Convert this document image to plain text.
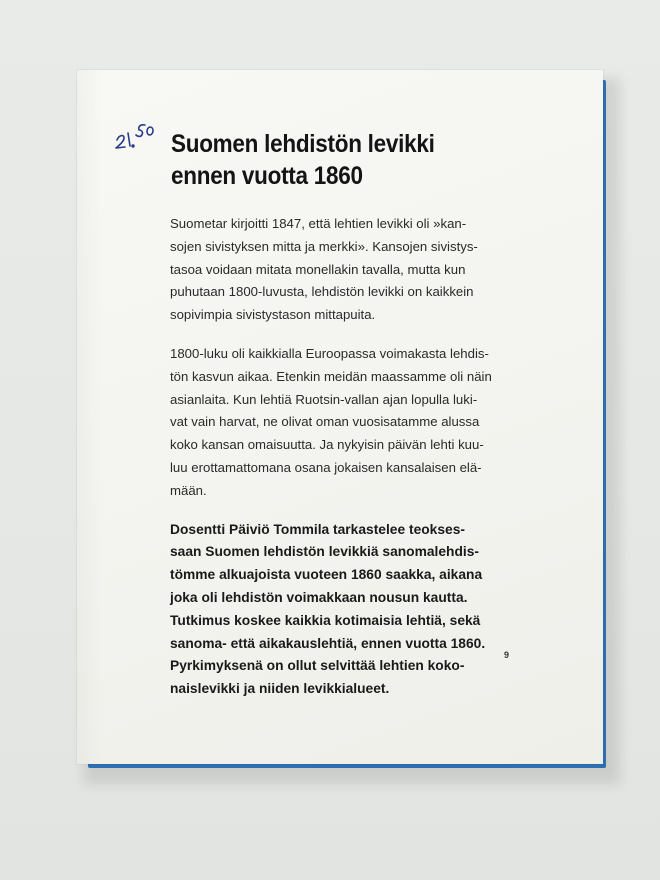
Suomen lehdistön levikki
ennen vuotta 1860

Suometar kirjoitti 1847, että lehtien levikki oli »kan-
sojen sivistyksen mitta ja merkki». Kansojen sivistys-
tasoa voidaan mitata monellakin tavalla, mutta kun
puhutaan 1800-luvusta, lehdistön levikki on kaikkein
sopivimpia sivistystason mittapuita.

1800-luku oli kaikkialla Euroopassa voimakasta lehdis-
tön kasvun aikaa. Etenkin meidän maassamme oli näin
asianlaita. Kun lehtiä Ruotsin-vallan ajan lopulla luki-
vat vain harvat, ne olivat oman vuosisatamme alussa
koko kansan omaisuutta. Ja nykyisin päivän lehti kuu-
luu erottamattomana osana jokaisen kansalaisen elä-
mään.

Dosentti Päiviö Tommila tarkastelee teokses-
saan Suomen lehdistön levikkiä sanomalehdis-
tömme alkuajoista vuoteen 1860 saakka, aikana
joka oli lehdistön voimakkaan nousun kautta.
Tutkimus koskee kaikkia kotimaisia lehtiä, sekä
sanoma- että aikakauslehtiä, ennen vuotta 1860.
Pyrkimyksenä on ollut selvittää lehtien koko-
naislevikki ja niiden levikkialueet.

9
